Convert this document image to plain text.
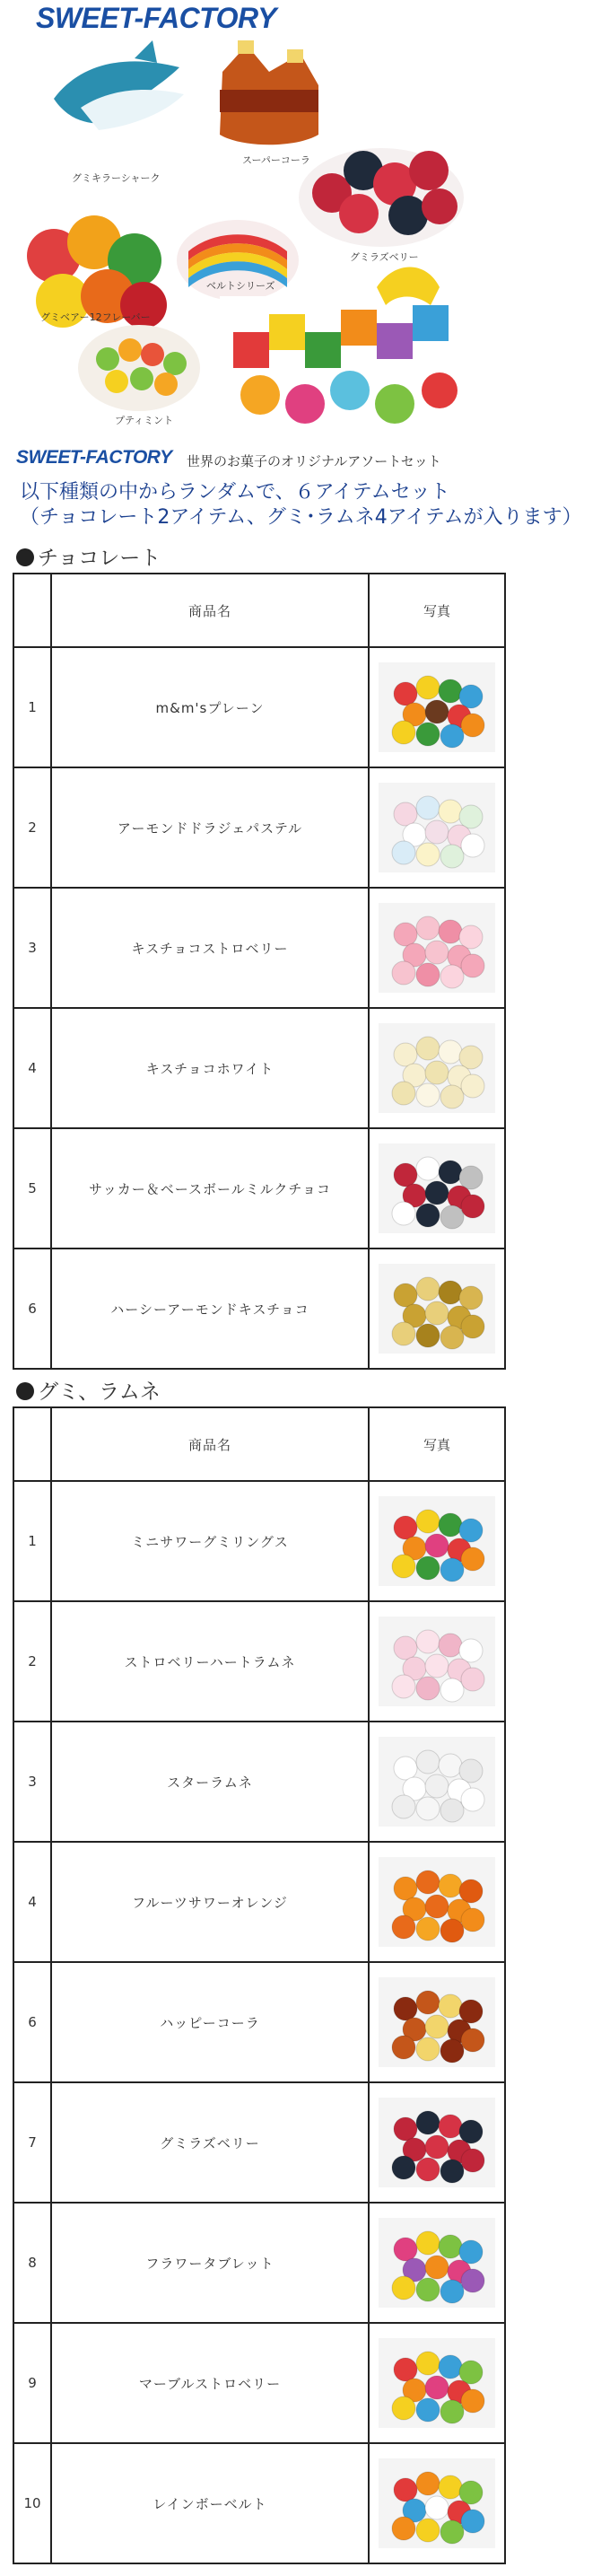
SWEET-FACTORY
グミキラーシャーク
スーパーコーラ
グミラズベリー
ベルトシリーズ
グミベアー12フレーバー
プティミント
SWEET-FACTORY 世界のお菓子のオリジナルアソートセット
以下種類の中からランダムで、６アイテムセット
（チョコレート2アイテム、グミ･ラムネ4アイテムが入ります）
チョコレート
	商品名	写真
1	m&m'sプレーン	

2	アーモンドドラジェパステル	

3	キスチョコストロベリー	

4	キスチョコホワイト	

5	サッカー＆ベースボールミルクチョコ	

6	ハーシーアーモンドキスチョコ	
グミ、ラムネ
	商品名	写真
1	ミニサワーグミリングス	

2	ストロベリーハートラムネ	

3	スターラムネ	

4	フルーツサワーオレンジ	

6	ハッピーコーラ	

7	グミラズベリー	

8	フラワータブレット	

9	マーブルストロベリー	

10	レインボーベルト	
